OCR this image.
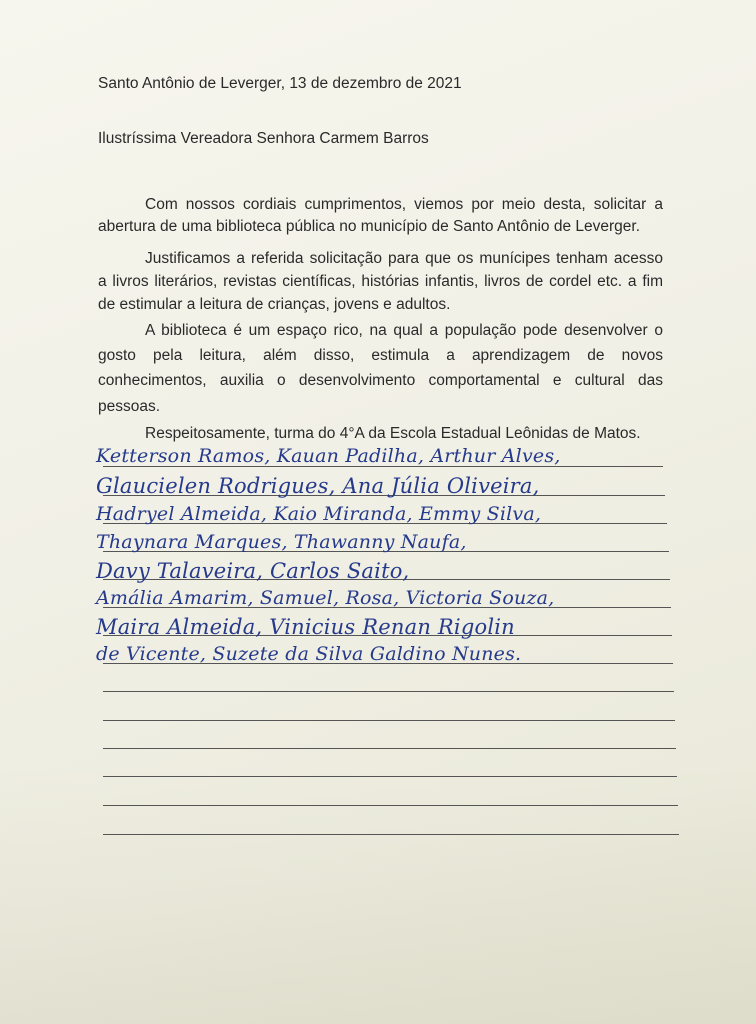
Santo Antônio de Leverger, 13 de dezembro de 2021
Ilustríssima Vereadora Senhora Carmem Barros
Com nossos cordiais cumprimentos, viemos por meio desta, solicitar a
abertura de uma biblioteca pública no município de Santo Antônio de Leverger.
Justificamos a referida solicitação para que os munícipes tenham acesso
a livros literários, revistas científicas, histórias infantis, livros de cordel etc. a fim
de estimular a leitura de crianças, jovens e adultos.
A biblioteca é um espaço rico, na qual a população pode desenvolver o
gosto pela leitura, além disso, estimula a aprendizagem de novos
conhecimentos, auxilia o desenvolvimento comportamental e cultural das
pessoas.
Respeitosamente, turma do 4°A da Escola Estadual Leônidas de Matos.
Ketterson Ramos, Kauan Padilha, Arthur Alves,
Glaucielen Rodrigues, Ana Júlia Oliveira,
Hadryel Almeida, Kaio Miranda, Emmy Silva,
Thaynara Marques, Thawanny Naufa,
Davy Talaveira, Carlos Saito,
Amália Amarim, Samuel, Rosa, Victoria Souza,
Maira Almeida, Vinicius Renan Rigolin
de Vicente, Suzete da Silva Galdino Nunes.
